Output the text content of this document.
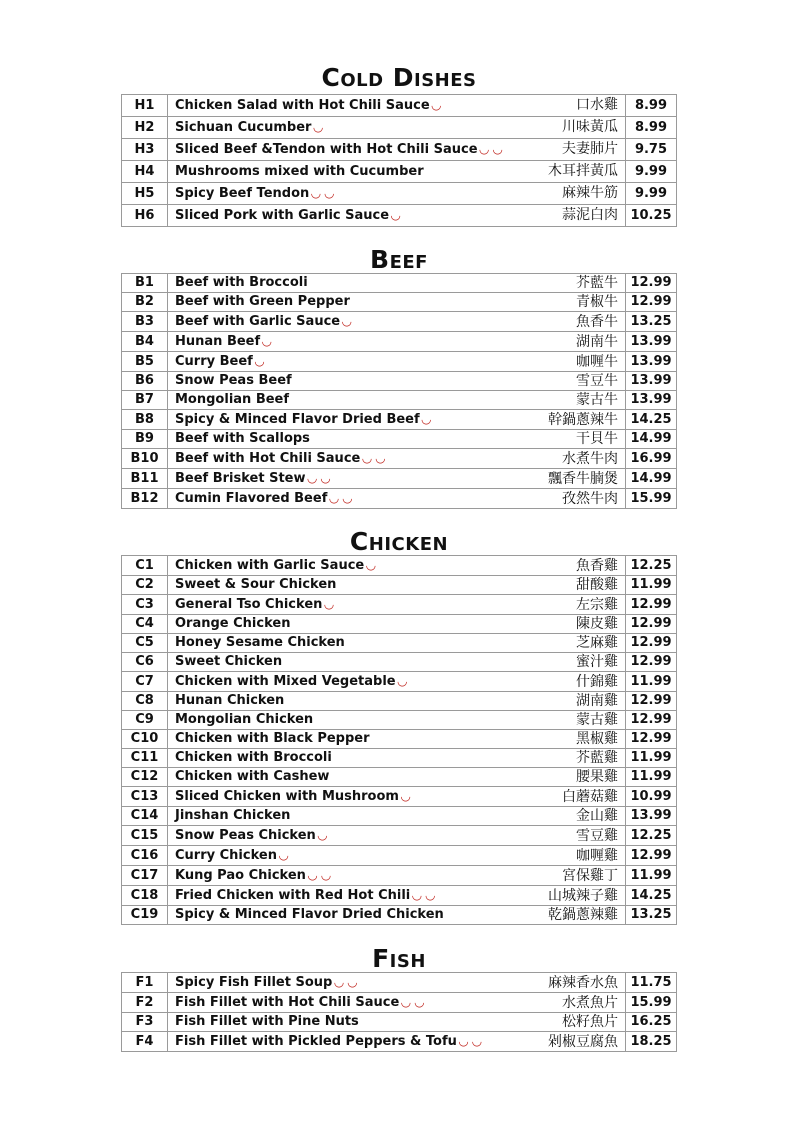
Cold Dishes
H1	Chicken Salad with Hot Chili Sauce ◡	口水雞	8.99
H2	Sichuan Cucumber ◡	川味黃瓜	8.99
H3	Sliced Beef &Tendon with Hot Chili Sauce ◡ ◡	夫妻肺片	9.75
H4	Mushrooms mixed with Cucumber	木耳拌黃瓜	9.99
H5	Spicy Beef Tendon ◡ ◡	麻辣牛筋	9.99
H6	Sliced Pork with Garlic Sauce ◡	蒜泥白肉	10.25
Beef
B1	Beef with Broccoli	芥藍牛	12.99
B2	Beef with Green Pepper	青椒牛	12.99
B3	Beef with Garlic Sauce ◡	魚香牛	13.25
B4	Hunan Beef ◡	湖南牛	13.99
B5	Curry Beef ◡	咖喱牛	13.99
B6	Snow Peas Beef	雪豆牛	13.99
B7	Mongolian Beef	蒙古牛	13.99
B8	Spicy & Minced Flavor Dried Beef ◡	幹鍋蔥辣牛	14.25
B9	Beef with Scallops	干貝牛	14.99
B10	Beef with Hot Chili Sauce ◡ ◡	水煮牛肉	16.99
B11	Beef Brisket Stew ◡ ◡	飄香牛腩煲	14.99
B12	Cumin Flavored Beef ◡ ◡	孜然牛肉	15.99
Chicken
C1	Chicken with Garlic Sauce ◡	魚香雞	12.25
C2	Sweet & Sour Chicken	甜酸雞	11.99
C3	General Tso Chicken ◡	左宗雞	12.99
C4	Orange Chicken	陳皮雞	12.99
C5	Honey Sesame Chicken	芝麻雞	12.99
C6	Sweet Chicken	蜜汁雞	12.99
C7	Chicken with Mixed Vegetable ◡	什錦雞	11.99
C8	Hunan Chicken	湖南雞	12.99
C9	Mongolian Chicken	蒙古雞	12.99
C10	Chicken with Black Pepper	黑椒雞	12.99
C11	Chicken with Broccoli	芥藍雞	11.99
C12	Chicken with Cashew	腰果雞	11.99
C13	Sliced Chicken with Mushroom ◡	白蘑菇雞	10.99
C14	Jinshan Chicken	金山雞	13.99
C15	Snow Peas Chicken ◡	雪豆雞	12.25
C16	Curry Chicken ◡	咖喱雞	12.99
C17	Kung Pao Chicken ◡ ◡	宮保雞丁	11.99
C18	Fried Chicken with Red Hot Chili ◡ ◡	山城辣子雞	14.25
C19	Spicy & Minced Flavor Dried Chicken	乾鍋蔥辣雞	13.25
Fish
F1	Spicy Fish Fillet Soup ◡ ◡	麻辣香水魚	11.75
F2	Fish Fillet with Hot Chili Sauce ◡ ◡	水煮魚片	15.99
F3	Fish Fillet with Pine Nuts	松籽魚片	16.25
F4	Fish Fillet with Pickled Peppers & Tofu ◡ ◡	剁椒豆腐魚	18.25
